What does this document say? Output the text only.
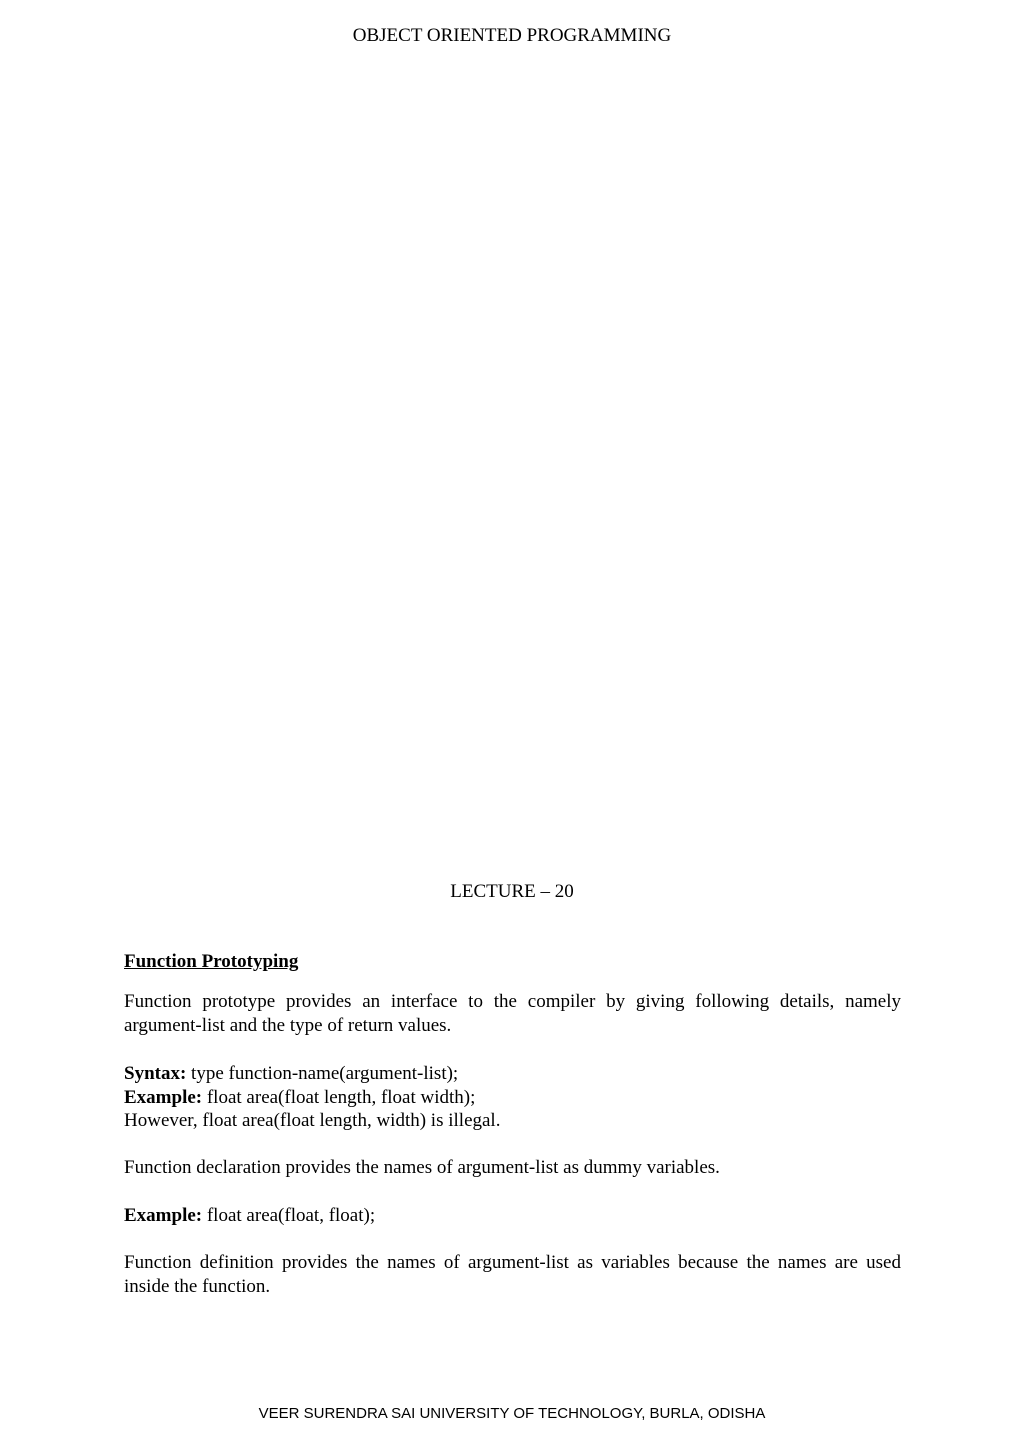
OBJECT ORIENTED PROGRAMMING
LECTURE – 20
Function Prototyping
Function prototype provides an interface to the compiler by giving following details, namely argument-list and the type of return values.
Syntax: type function-name(argument-list);
Example: float area(float length, float width);
However, float area(float length, width) is illegal.
Function declaration provides the names of argument-list as dummy variables.
Example: float area(float, float);
Function definition provides the names of argument-list as variables because the names are used inside the function.
VEER SURENDRA SAI UNIVERSITY OF TECHNOLOGY, BURLA, ODISHA
